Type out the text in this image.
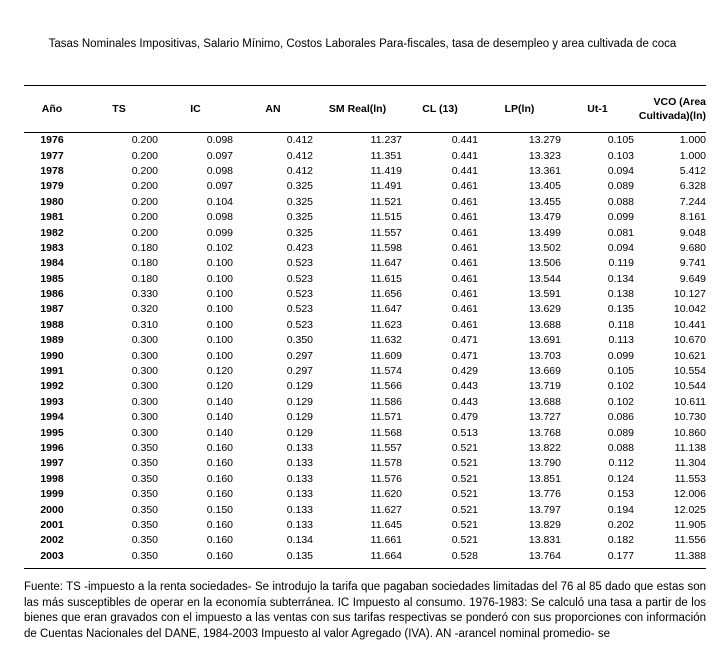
Tasas Nominales Impositivas, Salario Mínimo, Costos Laborales Para-fiscales, tasa de desempleo y area cultivada de coca
Año	TS	IC	AN	SM Real(ln)	CL (13)	LP(ln)	Ut-1	VCO (Area
Cultivada)(ln)
1976	0.200	0.098	0.412	11.237	0.441	13.279	0.105	1.000
1977	0.200	0.097	0.412	11.351	0.441	13.323	0.103	1.000
1978	0.200	0.098	0.412	11.419	0.441	13.361	0.094	5.412
1979	0.200	0.097	0.325	11.491	0.461	13.405	0.089	6.328
1980	0.200	0.104	0.325	11.521	0.461	13.455	0.088	7.244
1981	0.200	0.098	0.325	11.515	0.461	13.479	0.099	8.161
1982	0.200	0.099	0.325	11.557	0.461	13.499	0.081	9.048
1983	0.180	0.102	0.423	11.598	0.461	13.502	0.094	9.680
1984	0.180	0.100	0.523	11.647	0.461	13.506	0.119	9.741
1985	0.180	0.100	0.523	11.615	0.461	13.544	0.134	9.649
1986	0.330	0.100	0.523	11.656	0.461	13.591	0.138	10.127
1987	0.320	0.100	0.523	11.647	0.461	13.629	0.135	10.042
1988	0.310	0.100	0.523	11.623	0.461	13.688	0.118	10.441
1989	0.300	0.100	0.350	11.632	0.471	13.691	0.113	10.670
1990	0.300	0.100	0.297	11.609	0.471	13.703	0.099	10.621
1991	0.300	0.120	0.297	11.574	0.429	13.669	0.105	10.554
1992	0.300	0.120	0.129	11.566	0.443	13.719	0.102	10.544
1993	0.300	0.140	0.129	11.586	0.443	13.688	0.102	10.611
1994	0.300	0.140	0.129	11.571	0.479	13.727	0.086	10.730
1995	0.300	0.140	0.129	11.568	0.513	13.768	0.089	10.860
1996	0.350	0.160	0.133	11.557	0.521	13.822	0.088	11.138
1997	0.350	0.160	0.133	11.578	0.521	13.790	0.112	11.304
1998	0.350	0.160	0.133	11.576	0.521	13.851	0.124	11.553
1999	0.350	0.160	0.133	11.620	0.521	13.776	0.153	12.006
2000	0.350	0.150	0.133	11.627	0.521	13.797	0.194	12.025
2001	0.350	0.160	0.133	11.645	0.521	13.829	0.202	11.905
2002	0.350	0.160	0.134	11.661	0.521	13.831	0.182	11.556
2003	0.350	0.160	0.135	11.664	0.528	13.764	0.177	11.388
Fuente: TS -impuesto a la renta sociedades- Se introdujo la tarifa que pagaban sociedades limitadas del 76 al 85 dado que estas son las más susceptibles de operar en la economía subterránea. IC Impuesto al consumo. 1976-1983: Se calculó una tasa a partir de los bienes que eran gravados con el impuesto a las ventas con sus tarifas respectivas se ponderó con sus proporciones con información de Cuentas Nacionales del DANE, 1984-2003 Impuesto al valor Agregado (IVA). AN -arancel nominal promedio- se
